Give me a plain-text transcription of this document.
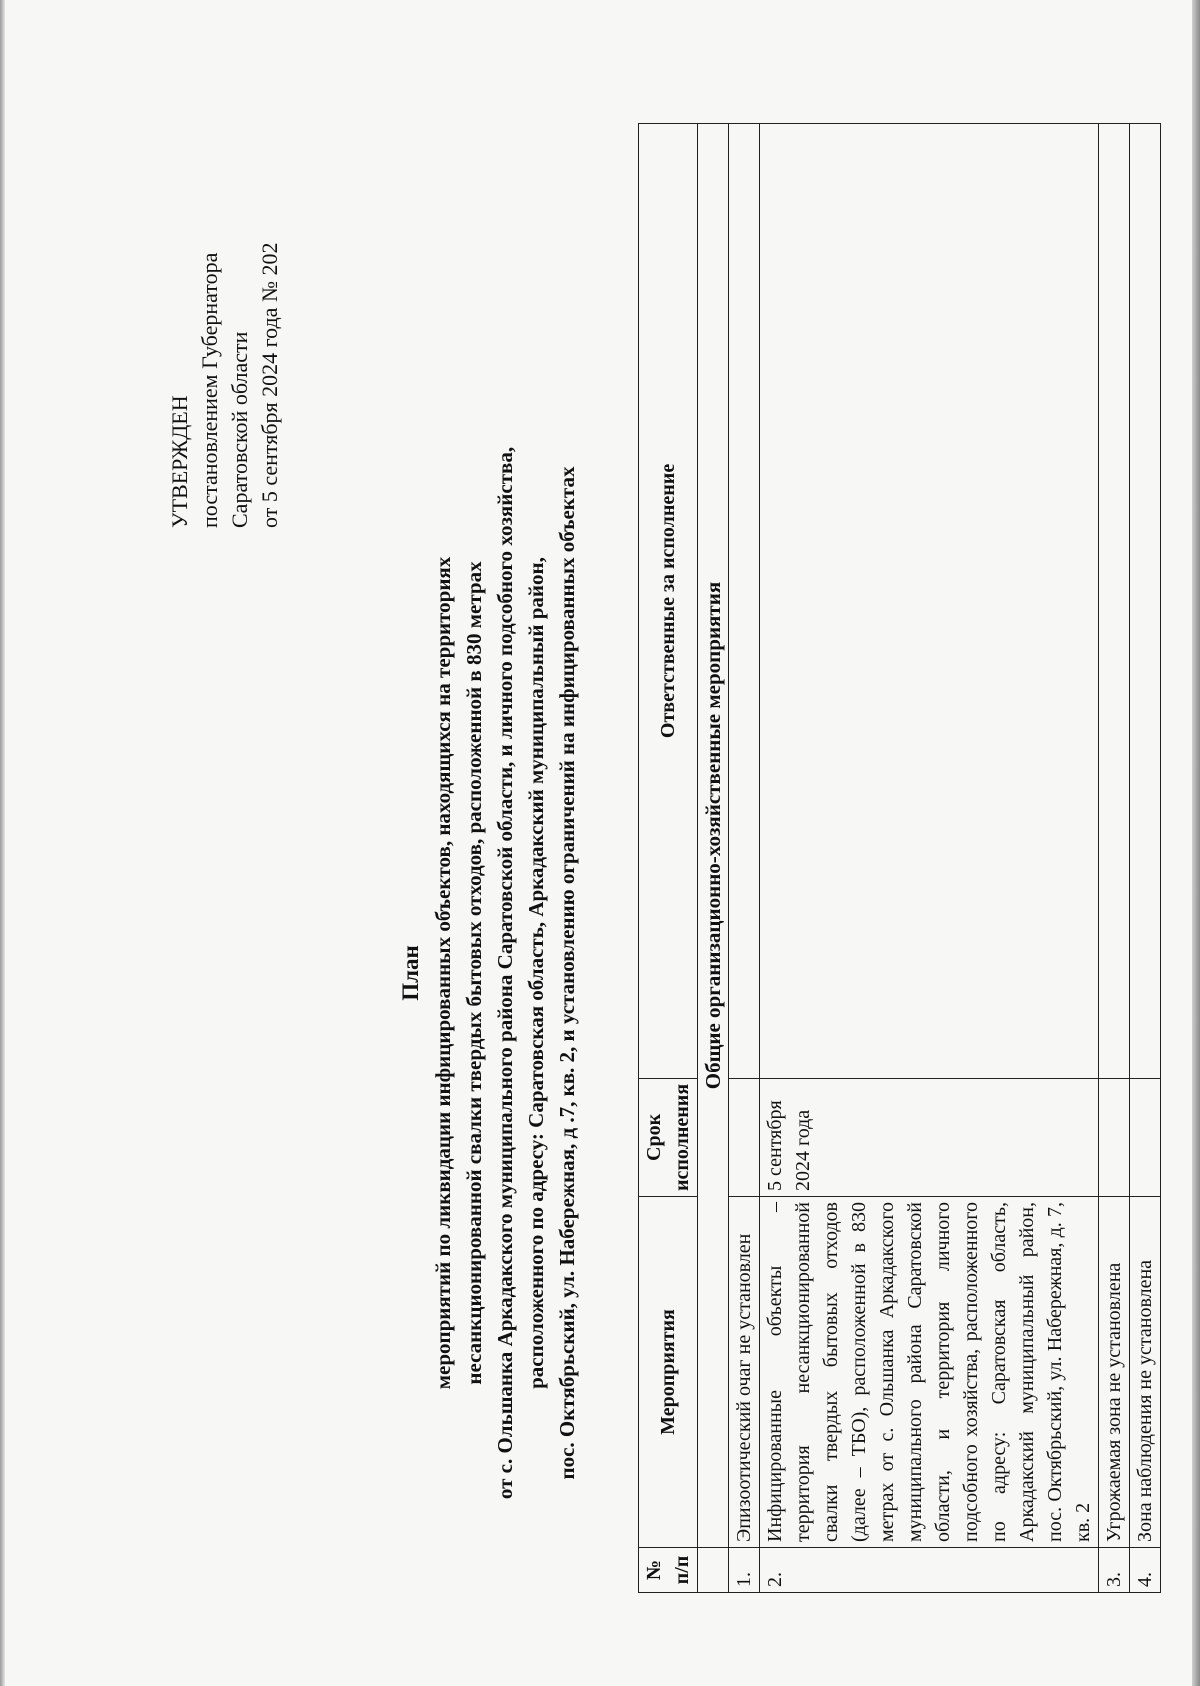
УТВЕРЖДЕН постановлением Губернатора Саратовской области от 5 сентября 2024 года № 202
План мероприятий по ликвидации инфицированных объектов, находящихся на территориях несанкционированной свалки твердых бытовых отходов, расположенной в 830 метрах от с. Ольшанка Аркадакского муниципального района Саратовской области, и личного подсобного хозяйства, расположенного по адресу: Саратовская область, Аркадакский муниципальный район, пос. Октябрьский, ул. Набережная, д .7, кв. 2, и установлению ограничений на инфицированных объектах
№ п/п	Мероприятия	Срок исполнения	Ответственные за исполнение
	Общие организационно-хозяйственные мероприятия		
1.	Эпизоотический очаг не установлен		
2.	Инфицированные объекты – территория несанкционированной свалки твердых бытовых отходов (далее – ТБО), расположенной в 830 метрах от с. Ольшанка Аркадакского муниципального района Саратовской области, и территория личного подсобного хозяйства, расположенного по адресу: Саратовская область, Аркадакский муниципальный район, пос. Октябрьский, ул. Набережная, д. 7, кв. 2	5 сентября 2024 года	
3.	Угрожаемая зона не установлена		
4.	Зона наблюдения не установлена		
